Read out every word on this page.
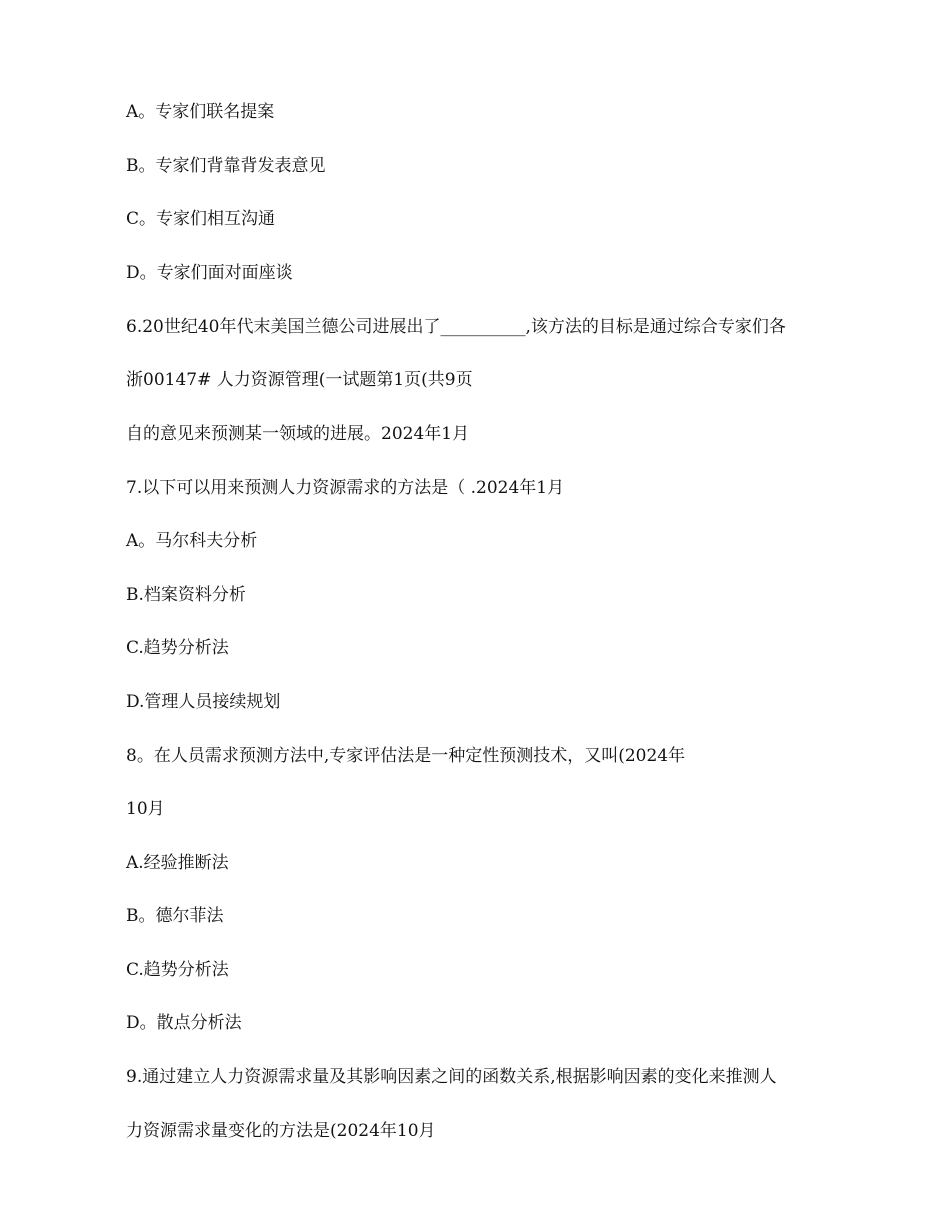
A。专家们联名提案
B。专家们背靠背发表意见
C。专家们相互沟通
D。专家们面对面座谈
6.20世纪40年代末美国兰德公司进展出了__________,该方法的目标是通过综合专家们各
浙00147# 人力资源管理(一试题第1页(共9页
自的意见来预测某一领域的进展。2024年1月
7.以下可以用来预测人力资源需求的方法是（ .2024年1月
A。马尔科夫分析
B.档案资料分析
C.趋势分析法
D.管理人员接续规划
8。在人员需求预测方法中,专家评估法是一种定性预测技术，又叫(2024年
10月
A.经验推断法
B。德尔菲法
C.趋势分析法
D。散点分析法
9.通过建立人力资源需求量及其影响因素之间的函数关系,根据影响因素的变化来推测人
力资源需求量变化的方法是(2024年10月
